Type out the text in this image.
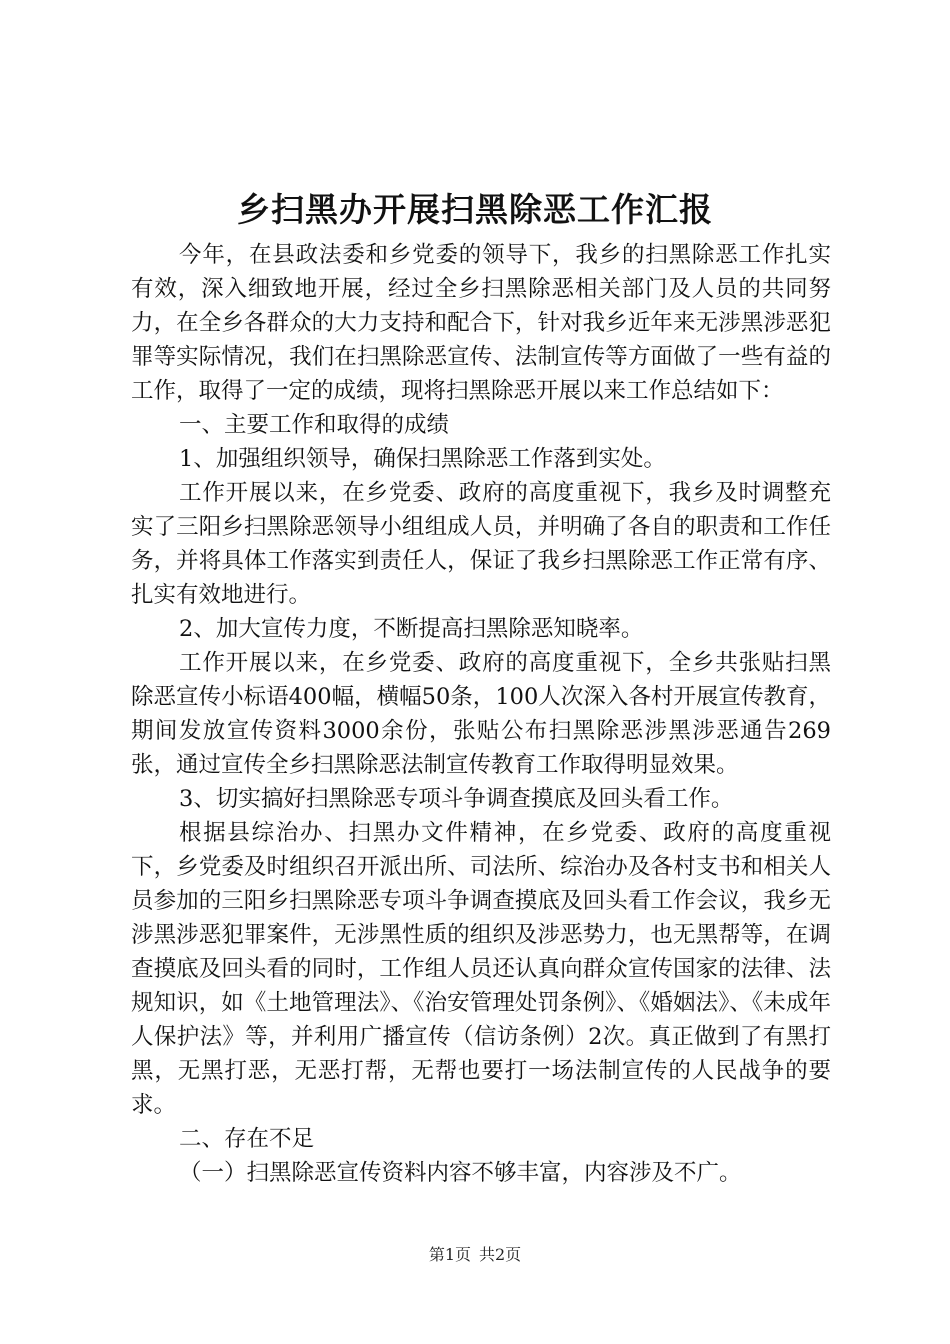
乡扫黑办开展扫黑除恶工作汇报

今年，在县政法委和乡党委的领导下，我乡的扫黑除恶工作扎实有效，深入细致地开展，经过全乡扫黑除恶相关部门及人员的共同努力，在全乡各群众的大力支持和配合下，针对我乡近年来无涉黑涉恶犯罪等实际情况，我们在扫黑除恶宣传、法制宣传等方面做了一些有益的工作，取得了一定的成绩，现将扫黑除恶开展以来工作总结如下：

一、主要工作和取得的成绩

1、加强组织领导，确保扫黑除恶工作落到实处。

工作开展以来，在乡党委、政府的高度重视下，我乡及时调整充实了三阳乡扫黑除恶领导小组组成人员，并明确了各自的职责和工作任务，并将具体工作落实到责任人，保证了我乡扫黑除恶工作正常有序、扎实有效地进行。

2、加大宣传力度，不断提高扫黑除恶知晓率。

工作开展以来，在乡党委、政府的高度重视下，全乡共张贴扫黑除恶宣传小标语400幅，横幅50条，100人次深入各村开展宣传教育，期间发放宣传资料3000余份，张贴公布扫黑除恶涉黑涉恶通告269张，通过宣传全乡扫黑除恶法制宣传教育工作取得明显效果。

3、切实搞好扫黑除恶专项斗争调查摸底及回头看工作。

根据县综治办、扫黑办文件精神，在乡党委、政府的高度重视下，乡党委及时组织召开派出所、司法所、综治办及各村支书和相关人员参加的三阳乡扫黑除恶专项斗争调查摸底及回头看工作会议，我乡无涉黑涉恶犯罪案件，无涉黑性质的组织及涉恶势力，也无黑帮等，在调查摸底及回头看的同时，工作组人员还认真向群众宣传国家的法律、法规知识，如《土地管理法》、《治安管理处罚条例》、《婚姻法》、《未成年人保护法》等，并利用广播宣传（信访条例）2次。真正做到了有黑打黑，无黑打恶，无恶打帮，无帮也要打一场法制宣传的人民战争的要求。

二、存在不足

（一）扫黑除恶宣传资料内容不够丰富，内容涉及不广。

第1页 共2页
